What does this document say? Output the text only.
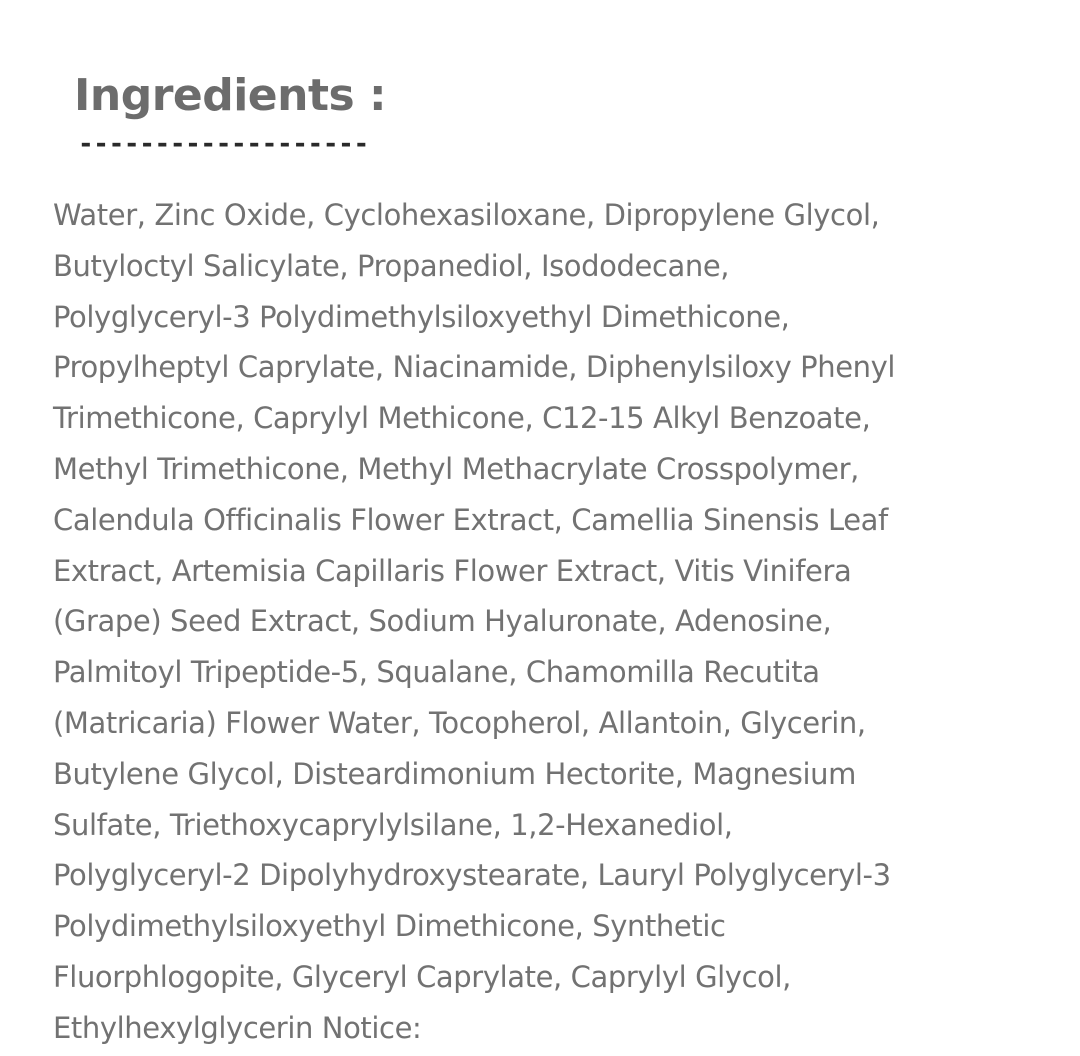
Ingredients :
-------------------
Water, Zinc Oxide, Cyclohexasiloxane, Dipropylene Glycol,
Butyloctyl Salicylate, Propanediol, Isododecane,
Polyglyceryl-3 Polydimethylsiloxyethyl Dimethicone,
Propylheptyl Caprylate, Niacinamide, Diphenylsiloxy Phenyl
Trimethicone, Caprylyl Methicone, C12-15 Alkyl Benzoate,
Methyl Trimethicone, Methyl Methacrylate Crosspolymer,
Calendula Officinalis Flower Extract, Camellia Sinensis Leaf
Extract, Artemisia Capillaris Flower Extract, Vitis Vinifera
(Grape) Seed Extract, Sodium Hyaluronate, Adenosine,
Palmitoyl Tripeptide-5, Squalane, Chamomilla Recutita
(Matricaria) Flower Water, Tocopherol, Allantoin, Glycerin,
Butylene Glycol, Disteardimonium Hectorite, Magnesium
Sulfate, Triethoxycaprylylsilane, 1,2-Hexanediol,
Polyglyceryl-2 Dipolyhydroxystearate, Lauryl Polyglyceryl-3
Polydimethylsiloxyethyl Dimethicone, Synthetic
Fluorphlogopite, Glyceryl Caprylate, Caprylyl Glycol,
Ethylhexylglycerin Notice:
